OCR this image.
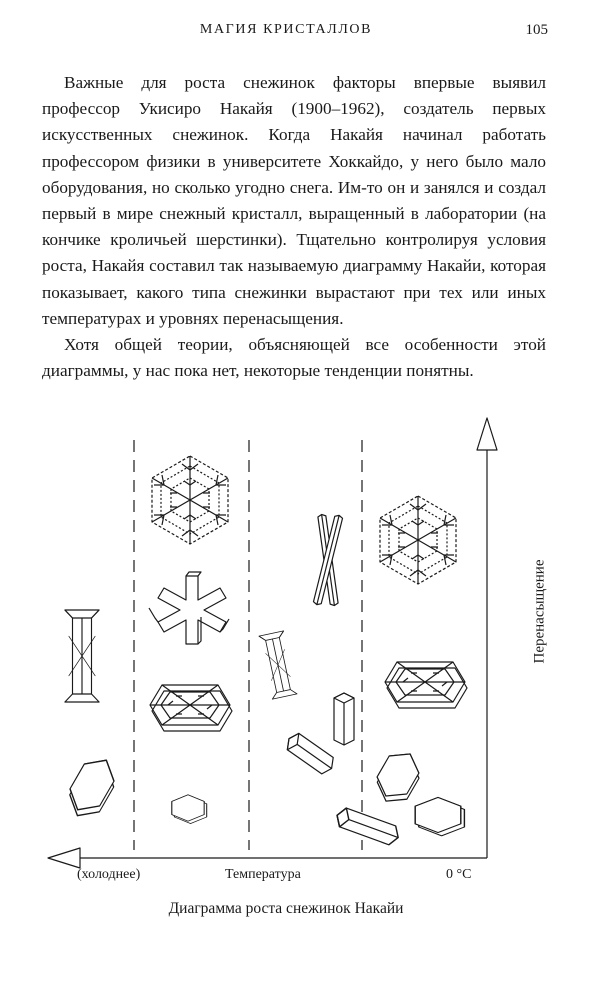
МАГИЯ КРИСТАЛЛОВ	105

Важные для роста снежинок факторы впервые выявил профессор Укисиро Накайя (1900–1962), создатель первых искусственных снежинок. Когда Накайя начинал работать профессором физики в университете Хоккайдо, у него было мало оборудования, но сколько угодно снега. Им-то он и занялся и создал первый в мире снежный кристалл, выращенный в лаборатории (на кончике кроличьей шерстинки). Тщательно контролируя условия роста, Накайя составил так называемую диаграмму Накайи, которая показывает, какого типа снежинки вырастают при тех или иных температурах и уровнях перенасыщения.

Хотя общей теории, объясняющей все особенности этой диаграммы, у нас пока нет, некоторые тенденции понятны.

(холоднее)	Температура	0 °С
Перенасыщение
Диаграмма роста снежинок Накайи
